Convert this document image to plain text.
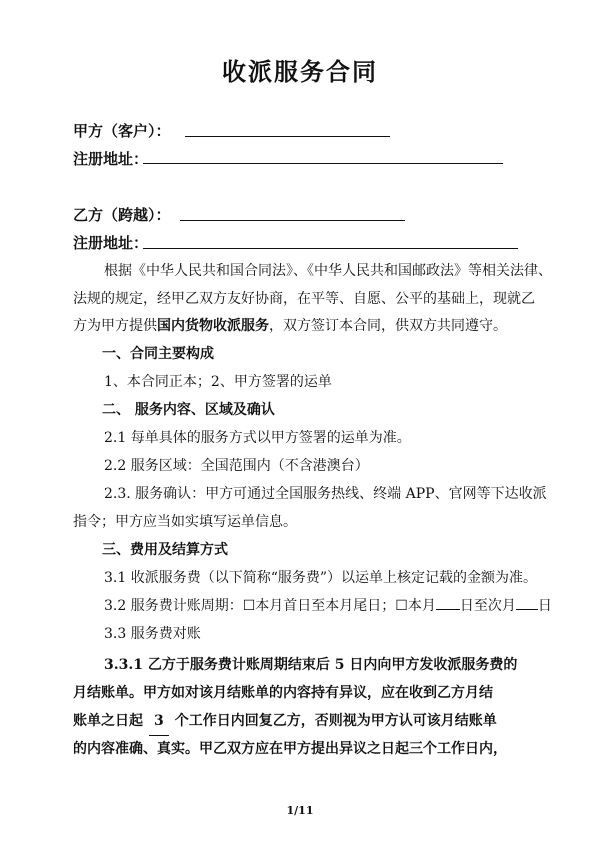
收派服务合同
甲方（客户）：
注册地址：
乙方（跨越）：
注册地址：
根据《中华人民共和国合同法》、《中华人民共和国邮政法》等相关法律、
法规的规定，经甲乙双方友好协商，在平等、自愿、公平的基础上，现就乙
方为甲方提供国内货物收派服务，双方签订本合同，供双方共同遵守。
一、合同主要构成
1、本合同正本；2、甲方签署的运单
二、 服务内容、区域及确认
2.1 每单具体的服务方式以甲方签署的运单为准。
2.2 服务区域：全国范围内（不含港澳台）
2.3. 服务确认：甲方可通过全国服务热线、终端 APP、官网等下达收派
指令；甲方应当如实填写运单信息。
三、费用及结算方式
3.1 收派服务费（以下简称“服务费”）以运单上核定记载的金额为准。
3.2 服务费计账周期：☐本月首日至本月尾日；☐本月 日至次月 日
3.3 服务费对账
3.3.1 乙方于服务费计账周期结束后 5 日内向甲方发收派服务费的
月结账单。甲方如对该月结账单的内容持有异议，应在收到乙方月结
账单之日起 3 个工作日内回复乙方，否则视为甲方认可该月结账单
的内容准确、真实。甲乙双方应在甲方提出异议之日起三个工作日内，
1/11
